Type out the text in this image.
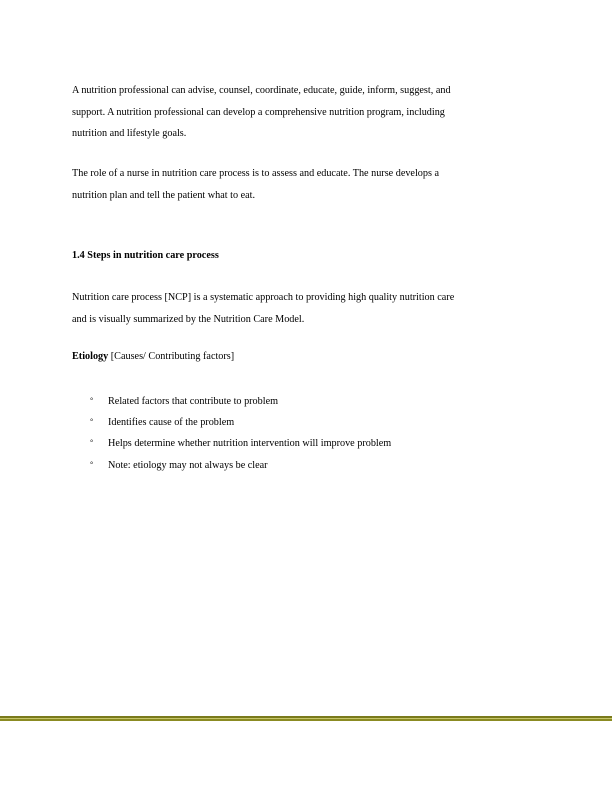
A nutrition professional can advise, counsel, coordinate, educate, guide, inform, suggest, and
support. A nutrition professional can develop a comprehensive nutrition program, including
nutrition and lifestyle goals.

The role of a nurse in nutrition care process is to assess and educate. The nurse develops a
nutrition plan and tell the patient what to eat.

1.4 Steps in nutrition care process

Nutrition care process [NCP] is a systematic approach to providing high quality nutrition care
and is visually summarized by the Nutrition Care Model.

Etiology [Causes/ Contributing factors]

° Related factors that contribute to problem
° Identifies cause of the problem
° Helps determine whether nutrition intervention will improve problem
° Note: etiology may not always be clear
